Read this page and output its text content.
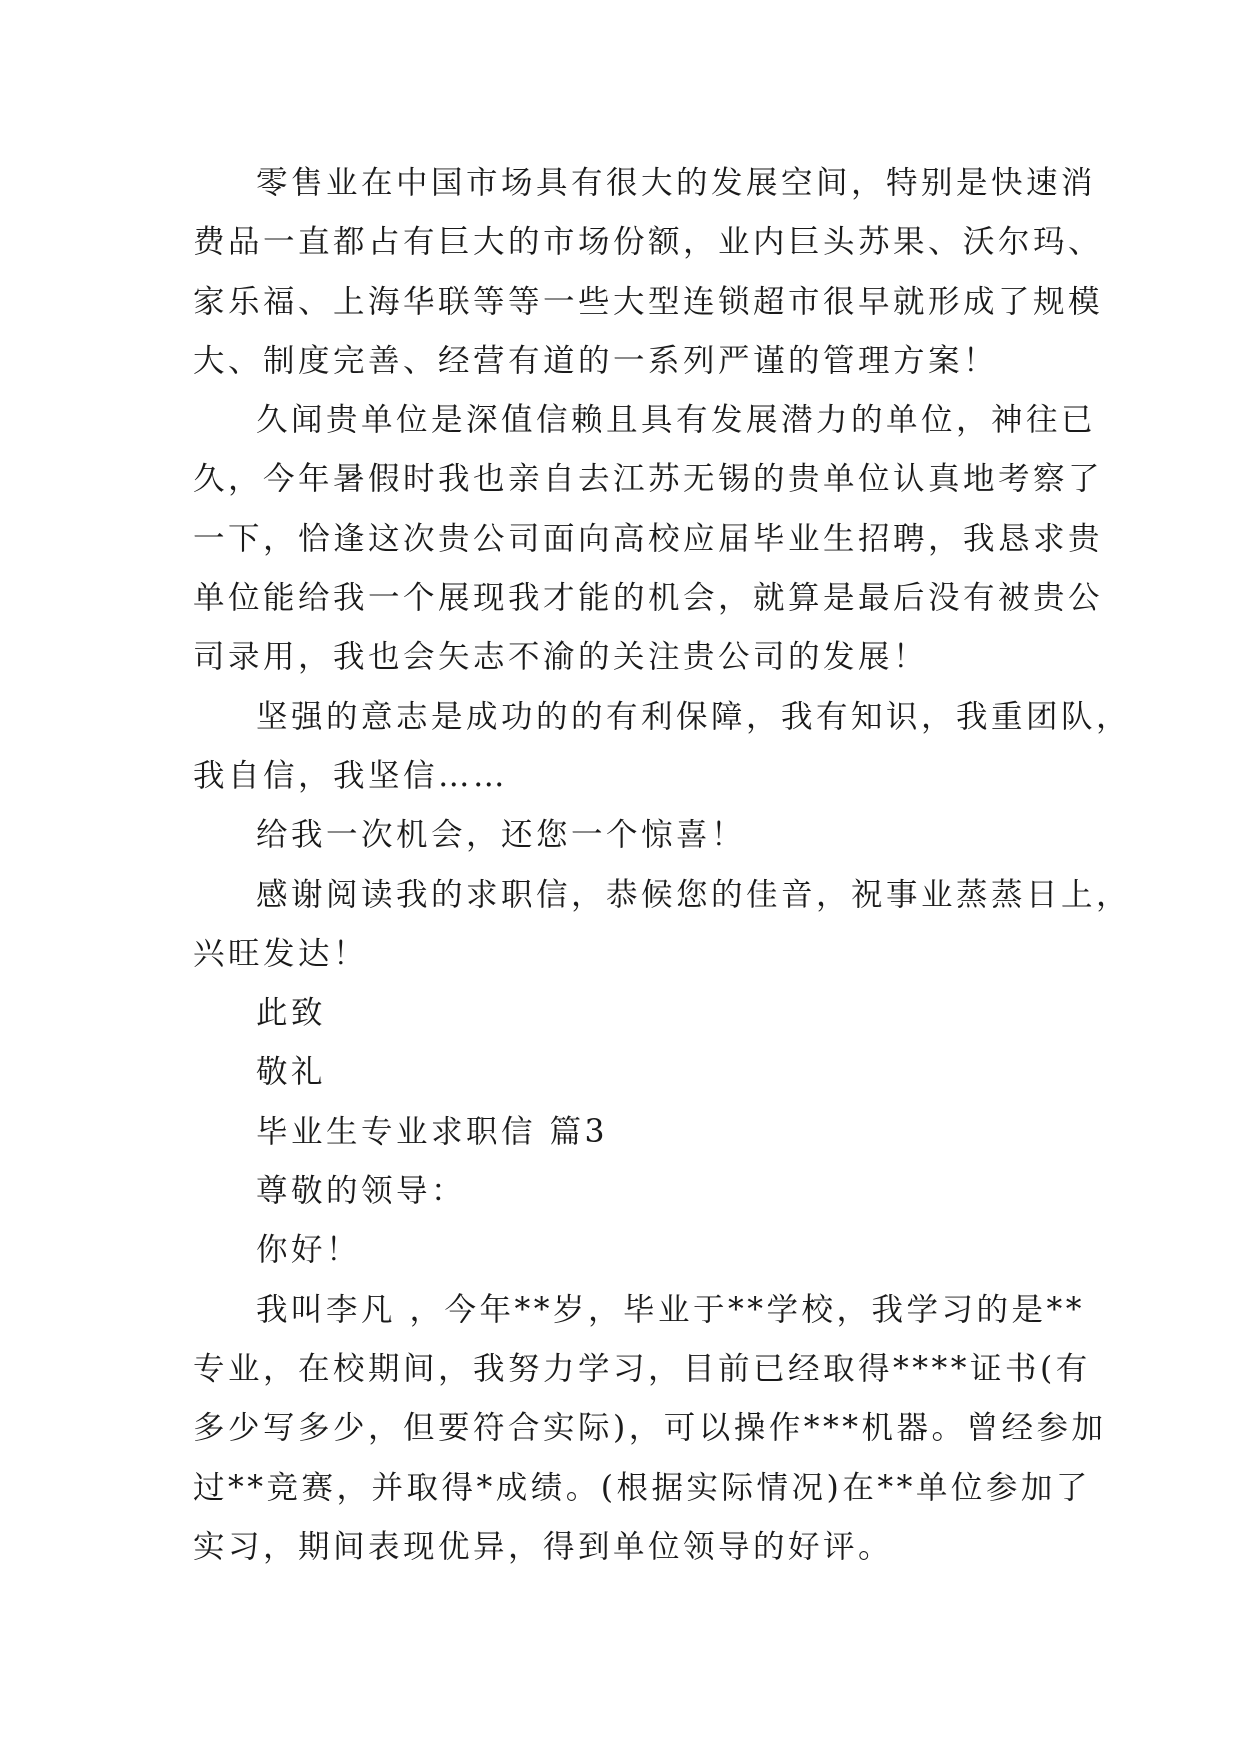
零售业在中国市场具有很大的发展空间，特别是快速消
费品一直都占有巨大的市场份额，业内巨头苏果、沃尔玛、
家乐福、上海华联等等一些大型连锁超市很早就形成了规模
大、制度完善、经营有道的一系列严谨的管理方案！
久闻贵单位是深值信赖且具有发展潜力的单位，神往已
久，今年暑假时我也亲自去江苏无锡的贵单位认真地考察了
一下，恰逢这次贵公司面向高校应届毕业生招聘，我恳求贵
单位能给我一个展现我才能的机会，就算是最后没有被贵公
司录用，我也会矢志不渝的关注贵公司的发展！
坚强的意志是成功的的有利保障，我有知识，我重团队，
我自信，我坚信……
给我一次机会，还您一个惊喜！
感谢阅读我的求职信，恭候您的佳音，祝事业蒸蒸日上，
兴旺发达！
此致
敬礼
毕业生专业求职信 篇3
尊敬的领导：
你好！
我叫李凡 ，今年**岁，毕业于**学校，我学习的是**
专业，在校期间，我努力学习，目前已经取得****证书(有
多少写多少，但要符合实际)，可以操作***机器。曾经参加
过**竞赛，并取得*成绩。(根据实际情况)在**单位参加了
实习，期间表现优异，得到单位领导的好评。
